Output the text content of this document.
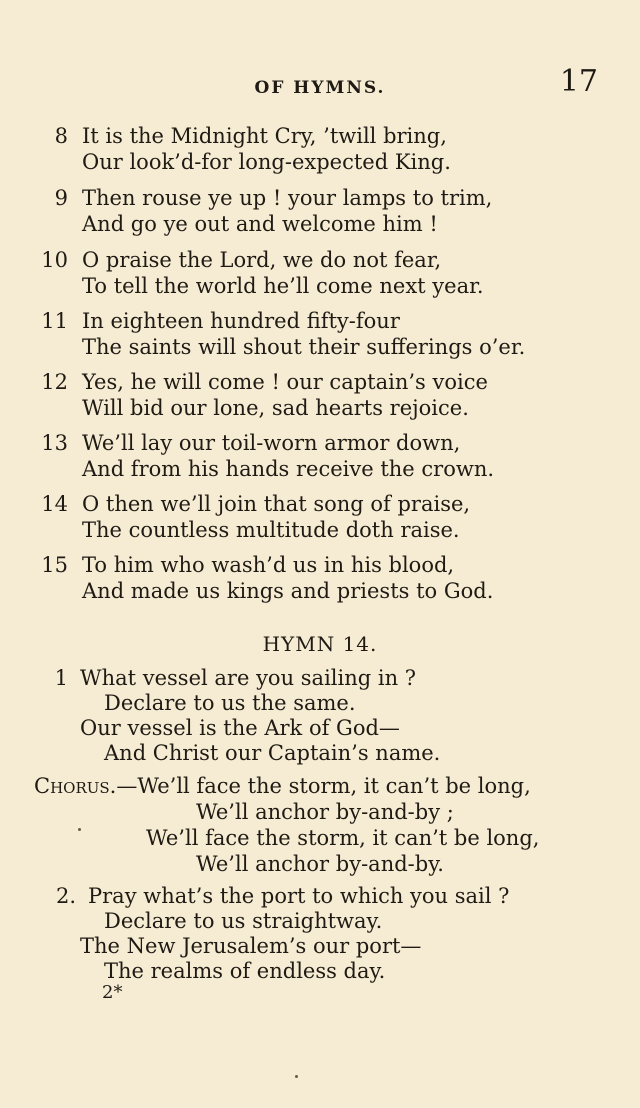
OF HYMNS.	17
8 It is the Midnight Cry, ’twill bring,
Our look’d-for long-expected King.
9 Then rouse ye up ! your lamps to trim,
And go ye out and welcome him !
10 O praise the Lord, we do not fear,
To tell the world he’ll come next year.
11 In eighteen hundred fifty-four
The saints will shout their sufferings o’er.
12 Yes, he will come ! our captain’s voice
Will bid our lone, sad hearts rejoice.
13 We’ll lay our toil-worn armor down,
And from his hands receive the crown.
14 O then we’ll join that song of praise,
The countless multitude doth raise.
15 To him who wash’d us in his blood,
And made us kings and priests to God.
HYMN 14.
1 What vessel are you sailing in ?
Declare to us the same.
Our vessel is the Ark of God—
And Christ our Captain’s name.
Chorus.—We’ll face the storm, it can’t be long,
We’ll anchor by-and-by ;
We’ll face the storm, it can’t be long,
We’ll anchor by-and-by.
2. Pray what’s the port to which you sail ?
Declare to us straightway.
The New Jerusalem’s our port—
The realms of endless day.
2*
